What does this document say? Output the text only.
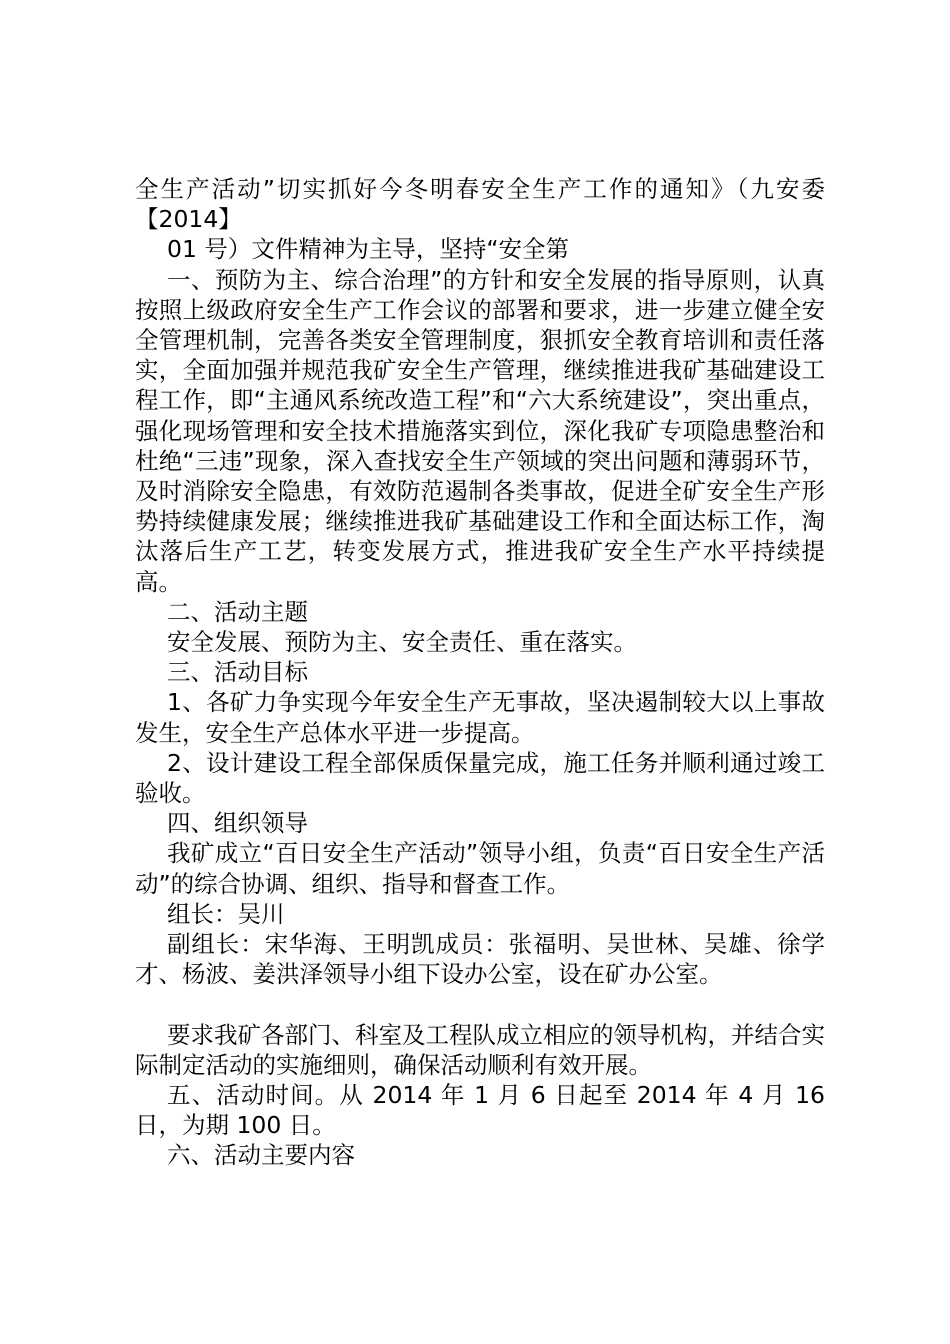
全生产活动”切实抓好今冬明春安全生产工作的通知》（九安委【2014】

01 号）文件精神为主导，坚持“安全第

一、预防为主、综合治理”的方针和安全发展的指导原则，认真按照上级政府安全生产工作会议的部署和要求，进一步建立健全安全管理机制，完善各类安全管理制度，狠抓安全教育培训和责任落实，全面加强并规范我矿安全生产管理，继续推进我矿基础建设工程工作，即“主通风系统改造工程”和“六大系统建设”，突出重点，强化现场管理和安全技术措施落实到位，深化我矿专项隐患整治和杜绝“三违”现象，深入查找安全生产领域的突出问题和薄弱环节，及时消除安全隐患，有效防范遏制各类事故，促进全矿安全生产形势持续健康发展；继续推进我矿基础建设工作和全面达标工作，淘汰落后生产工艺，转变发展方式，推进我矿安全生产水平持续提高。

二、活动主题

安全发展、预防为主、安全责任、重在落实。

三、活动目标

1、各矿力争实现今年安全生产无事故，坚决遏制较大以上事故发生，安全生产总体水平进一步提高。

2、设计建设工程全部保质保量完成，施工任务并顺利通过竣工验收。

四、组织领导

我矿成立“百日安全生产活动”领导小组，负责“百日安全生产活动”的综合协调、组织、指导和督查工作。

组长：吴川

副组长：宋华海、王明凯成员：张福明、吴世林、吴雄、徐学才、杨波、姜洪泽领导小组下设办公室，设在矿办公室。

要求我矿各部门、科室及工程队成立相应的领导机构，并结合实际制定活动的实施细则，确保活动顺利有效开展。

五、活动时间。从 2014 年 1 月 6 日起至 2014 年 4 月 16 日，为期 100 日。

六、活动主要内容
